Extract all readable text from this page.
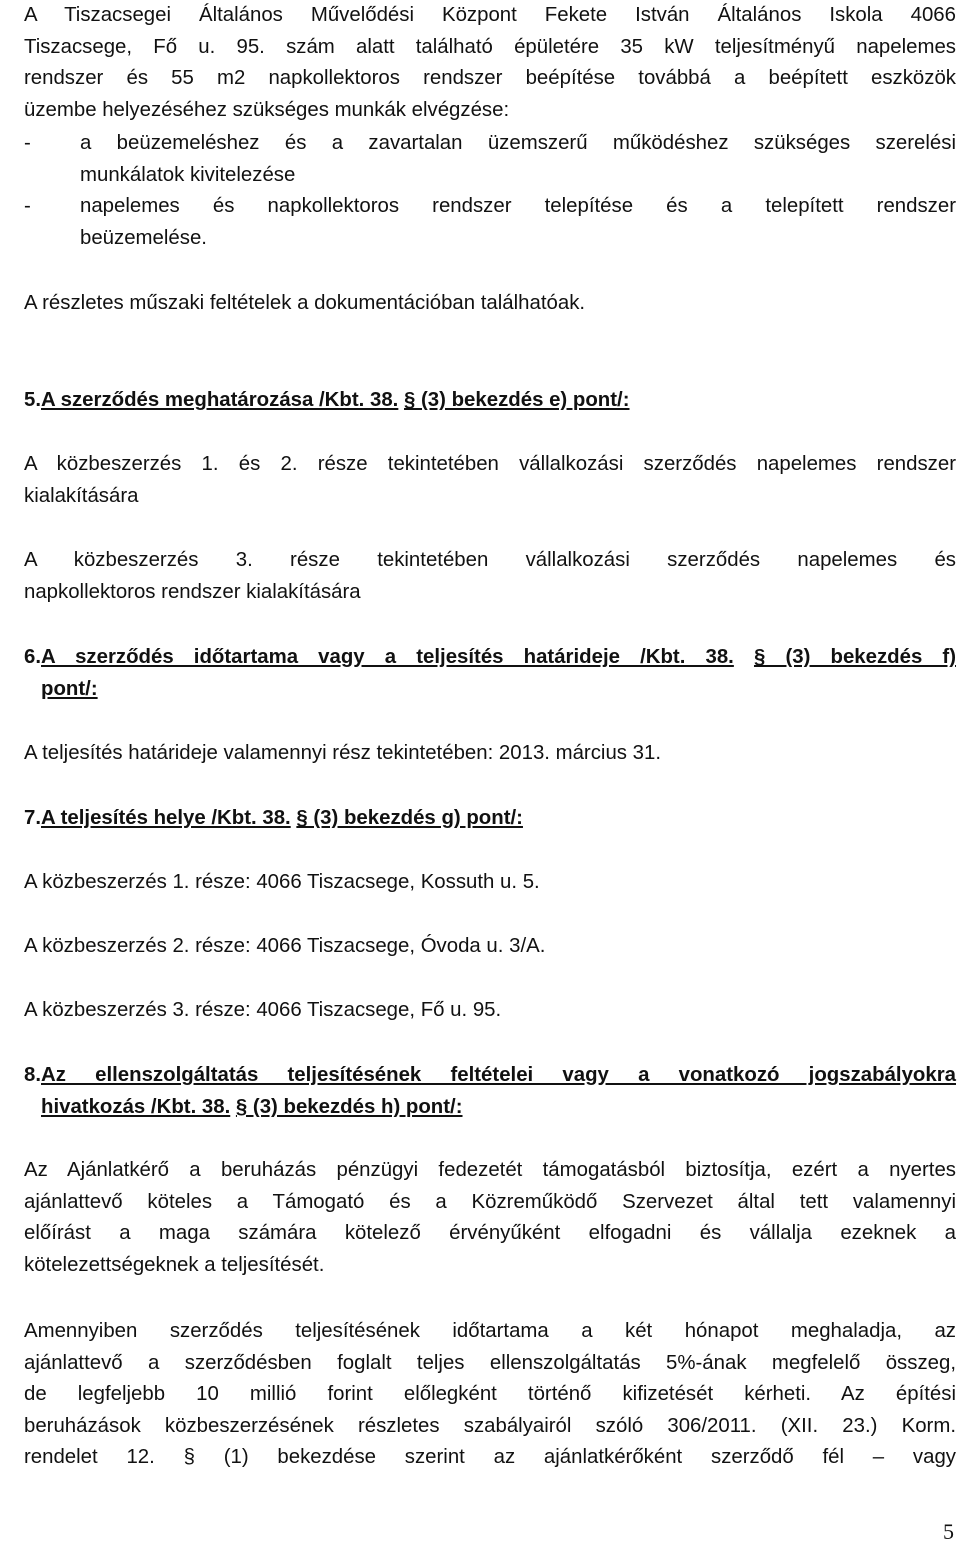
A Tiszacsegei Általános Művelődési Központ Fekete István Általános Iskola 4066

Tiszacsege, Fő u. 95. szám alatt található épületére 35 kW teljesítményű napelemes

rendszer és 55 m2 napkollektoros rendszer beépítése továbbá a beépített eszközök

üzembe helyezéséhez szükséges munkák elvégzése:

- a beüzemeléshez és a zavartalan üzemszerű működéshez szükséges szerelési

munkálatok kivitelezése

- napelemes és napkollektoros rendszer telepítése és a telepített rendszer

beüzemelése.

A részletes műszaki feltételek a dokumentációban találhatóak.

5. A szerződés meghatározása /Kbt. 38. § (3) bekezdés e) pont/:

A közbeszerzés 1. és 2. része tekintetében vállalkozási szerződés napelemes rendszer

kialakítására

A közbeszerzés 3. része tekintetében vállalkozási szerződés napelemes és

napkollektoros rendszer kialakítására

6. A szerződés időtartama vagy a teljesítés határideje /Kbt. 38. § (3) bekezdés f)

pont/:

A teljesítés határideje valamennyi rész tekintetében: 2013. március 31.

7. A teljesítés helye /Kbt. 38. § (3) bekezdés g) pont/:

A közbeszerzés 1. része: 4066 Tiszacsege, Kossuth u. 5.

A közbeszerzés 2. része: 4066 Tiszacsege, Óvoda u. 3/A.

A közbeszerzés 3. része: 4066 Tiszacsege, Fő u. 95.

8. Az ellenszolgáltatás teljesítésének feltételei vagy a vonatkozó jogszabályokra

hivatkozás /Kbt. 38. § (3) bekezdés h) pont/:

Az Ajánlatkérő a beruházás pénzügyi fedezetét támogatásból biztosítja, ezért a nyertes

ajánlattevő köteles a Támogató és a Közreműködő Szervezet által tett valamennyi

előírást a maga számára kötelező érvényűként elfogadni és vállalja ezeknek a

kötelezettségeknek a teljesítését.

Amennyiben szerződés teljesítésének időtartama a két hónapot meghaladja, az

ajánlattevő a szerződésben foglalt teljes ellenszolgáltatás 5%-ának megfelelő összeg,

de legfeljebb 10 millió forint előlegként történő kifizetését kérheti. Az építési

beruházások közbeszerzésének részletes szabályairól szóló 306/2011. (XII. 23.) Korm.

rendelet 12. § (1) bekezdése szerint az ajánlatkérőként szerződő fél – vagy

5
